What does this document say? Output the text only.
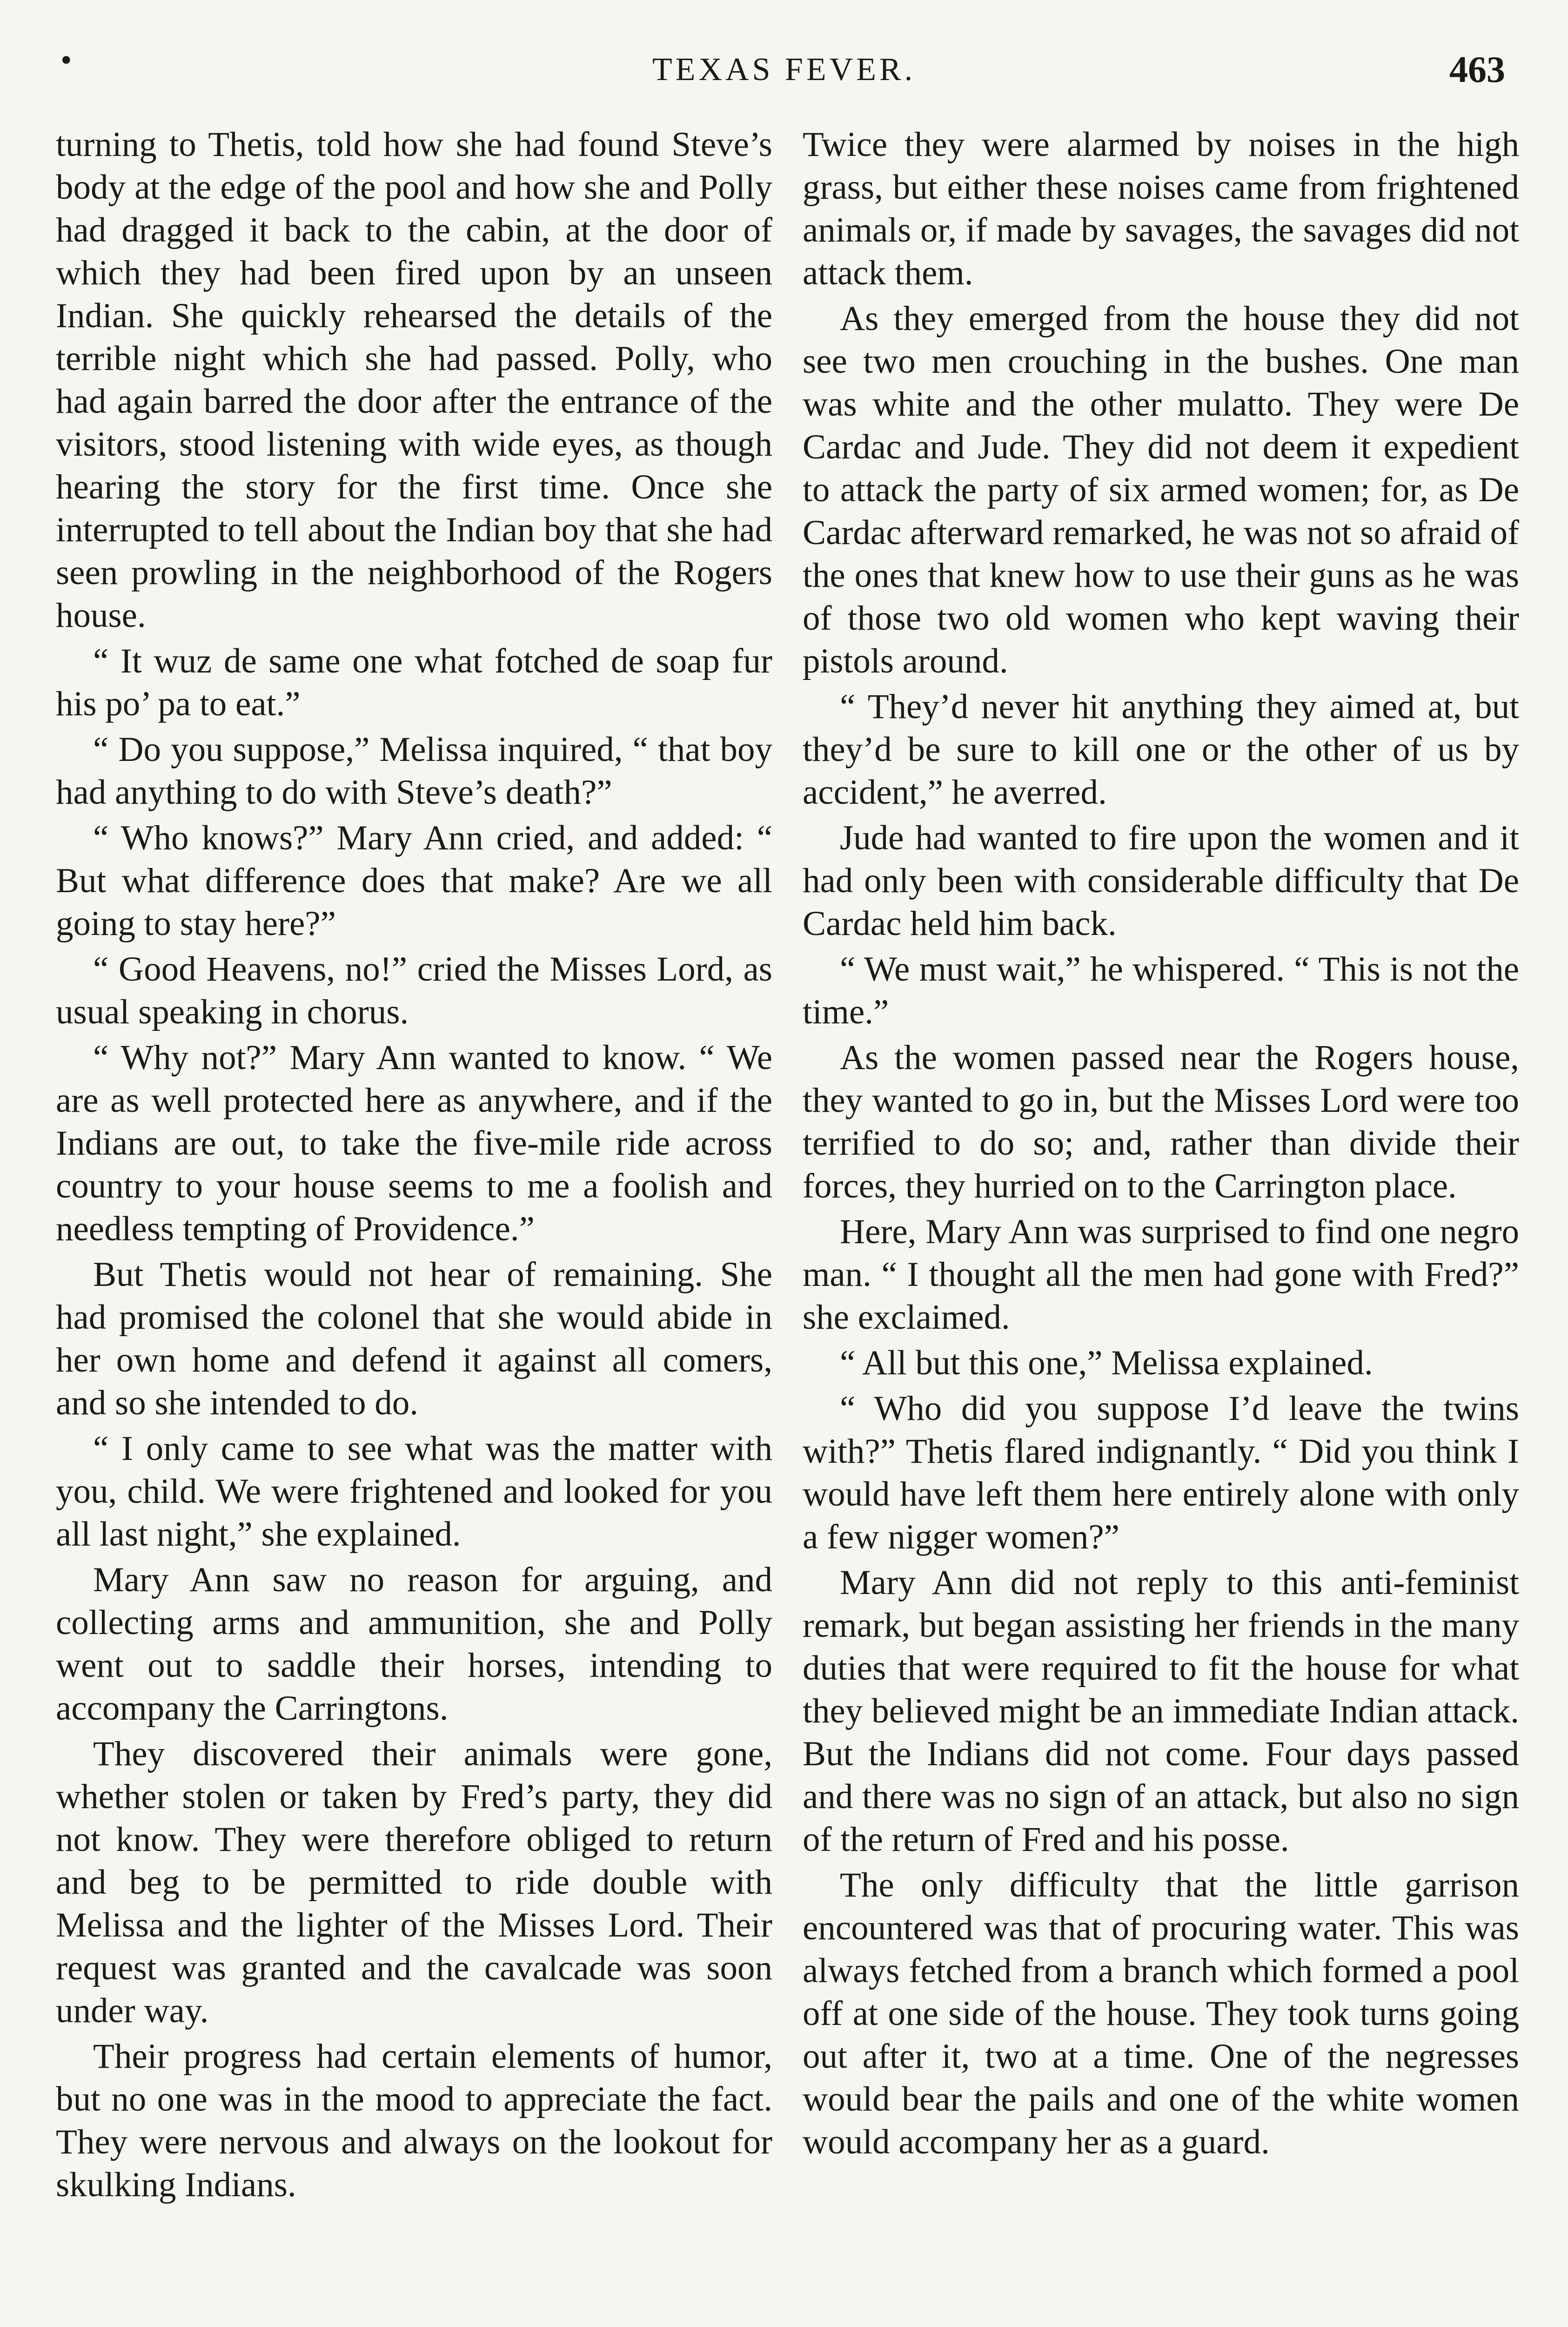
•	TEXAS FEVER.	463

turning to Thetis, told how she had found Steve’s body at the edge of the pool and how she and Polly had dragged it back to the cabin, at the door of which they had been fired upon by an unseen Indian. She quickly rehearsed the details of the terrible night which she had passed. Polly, who had again barred the door after the entrance of the visitors, stood listening with wide eyes, as though hearing the story for the first time. Once she interrupted to tell about the Indian boy that she had seen prowling in the neighborhood of the Rogers house.

“ It wuz de same one what fotched de soap fur his po’ pa to eat.”

“ Do you suppose,” Melissa inquired, “ that boy had anything to do with Steve’s death?”

“ Who knows?” Mary Ann cried, and added: “ But what difference does that make? Are we all going to stay here?”

“ Good Heavens, no!” cried the Misses Lord, as usual speaking in chorus.

“ Why not?” Mary Ann wanted to know. “ We are as well protected here as anywhere, and if the Indians are out, to take the five-mile ride across country to your house seems to me a foolish and needless tempting of Providence.”

But Thetis would not hear of remaining. She had promised the colonel that she would abide in her own home and defend it against all comers, and so she intended to do.

“ I only came to see what was the matter with you, child. We were frightened and looked for you all last night,” she explained.

Mary Ann saw no reason for arguing, and collecting arms and ammunition, she and Polly went out to saddle their horses, intending to accompany the Carringtons.

They discovered their animals were gone, whether stolen or taken by Fred’s party, they did not know. They were therefore obliged to return and beg to be permitted to ride double with Melissa and the lighter of the Misses Lord. Their request was granted and the cavalcade was soon under way.

Their progress had certain elements of humor, but no one was in the mood to appreciate the fact. They were nervous and always on the lookout for skulking Indians.

Twice they were alarmed by noises in the high grass, but either these noises came from frightened animals or, if made by savages, the savages did not attack them.

As they emerged from the house they did not see two men crouching in the bushes. One man was white and the other mulatto. They were De Cardac and Jude. They did not deem it expedient to attack the party of six armed women; for, as De Cardac afterward remarked, he was not so afraid of the ones that knew how to use their guns as he was of those two old women who kept waving their pistols around.

“ They’d never hit anything they aimed at, but they’d be sure to kill one or the other of us by accident,” he averred.

Jude had wanted to fire upon the women and it had only been with considerable difficulty that De Cardac held him back.

“ We must wait,” he whispered. “ This is not the time.”

As the women passed near the Rogers house, they wanted to go in, but the Misses Lord were too terrified to do so; and, rather than divide their forces, they hurried on to the Carrington place.

Here, Mary Ann was surprised to find one negro man. “ I thought all the men had gone with Fred?” she exclaimed.

“ All but this one,” Melissa explained.

“ Who did you suppose I’d leave the twins with?” Thetis flared indignantly. “ Did you think I would have left them here entirely alone with only a few nigger women?”

Mary Ann did not reply to this anti-feminist remark, but began assisting her friends in the many duties that were required to fit the house for what they believed might be an immediate Indian attack. But the Indians did not come. Four days passed and there was no sign of an attack, but also no sign of the return of Fred and his posse.

The only difficulty that the little garrison encountered was that of procuring water. This was always fetched from a branch which formed a pool off at one side of the house. They took turns going out after it, two at a time. One of the negresses would bear the pails and one of the white women would accompany her as a guard.
